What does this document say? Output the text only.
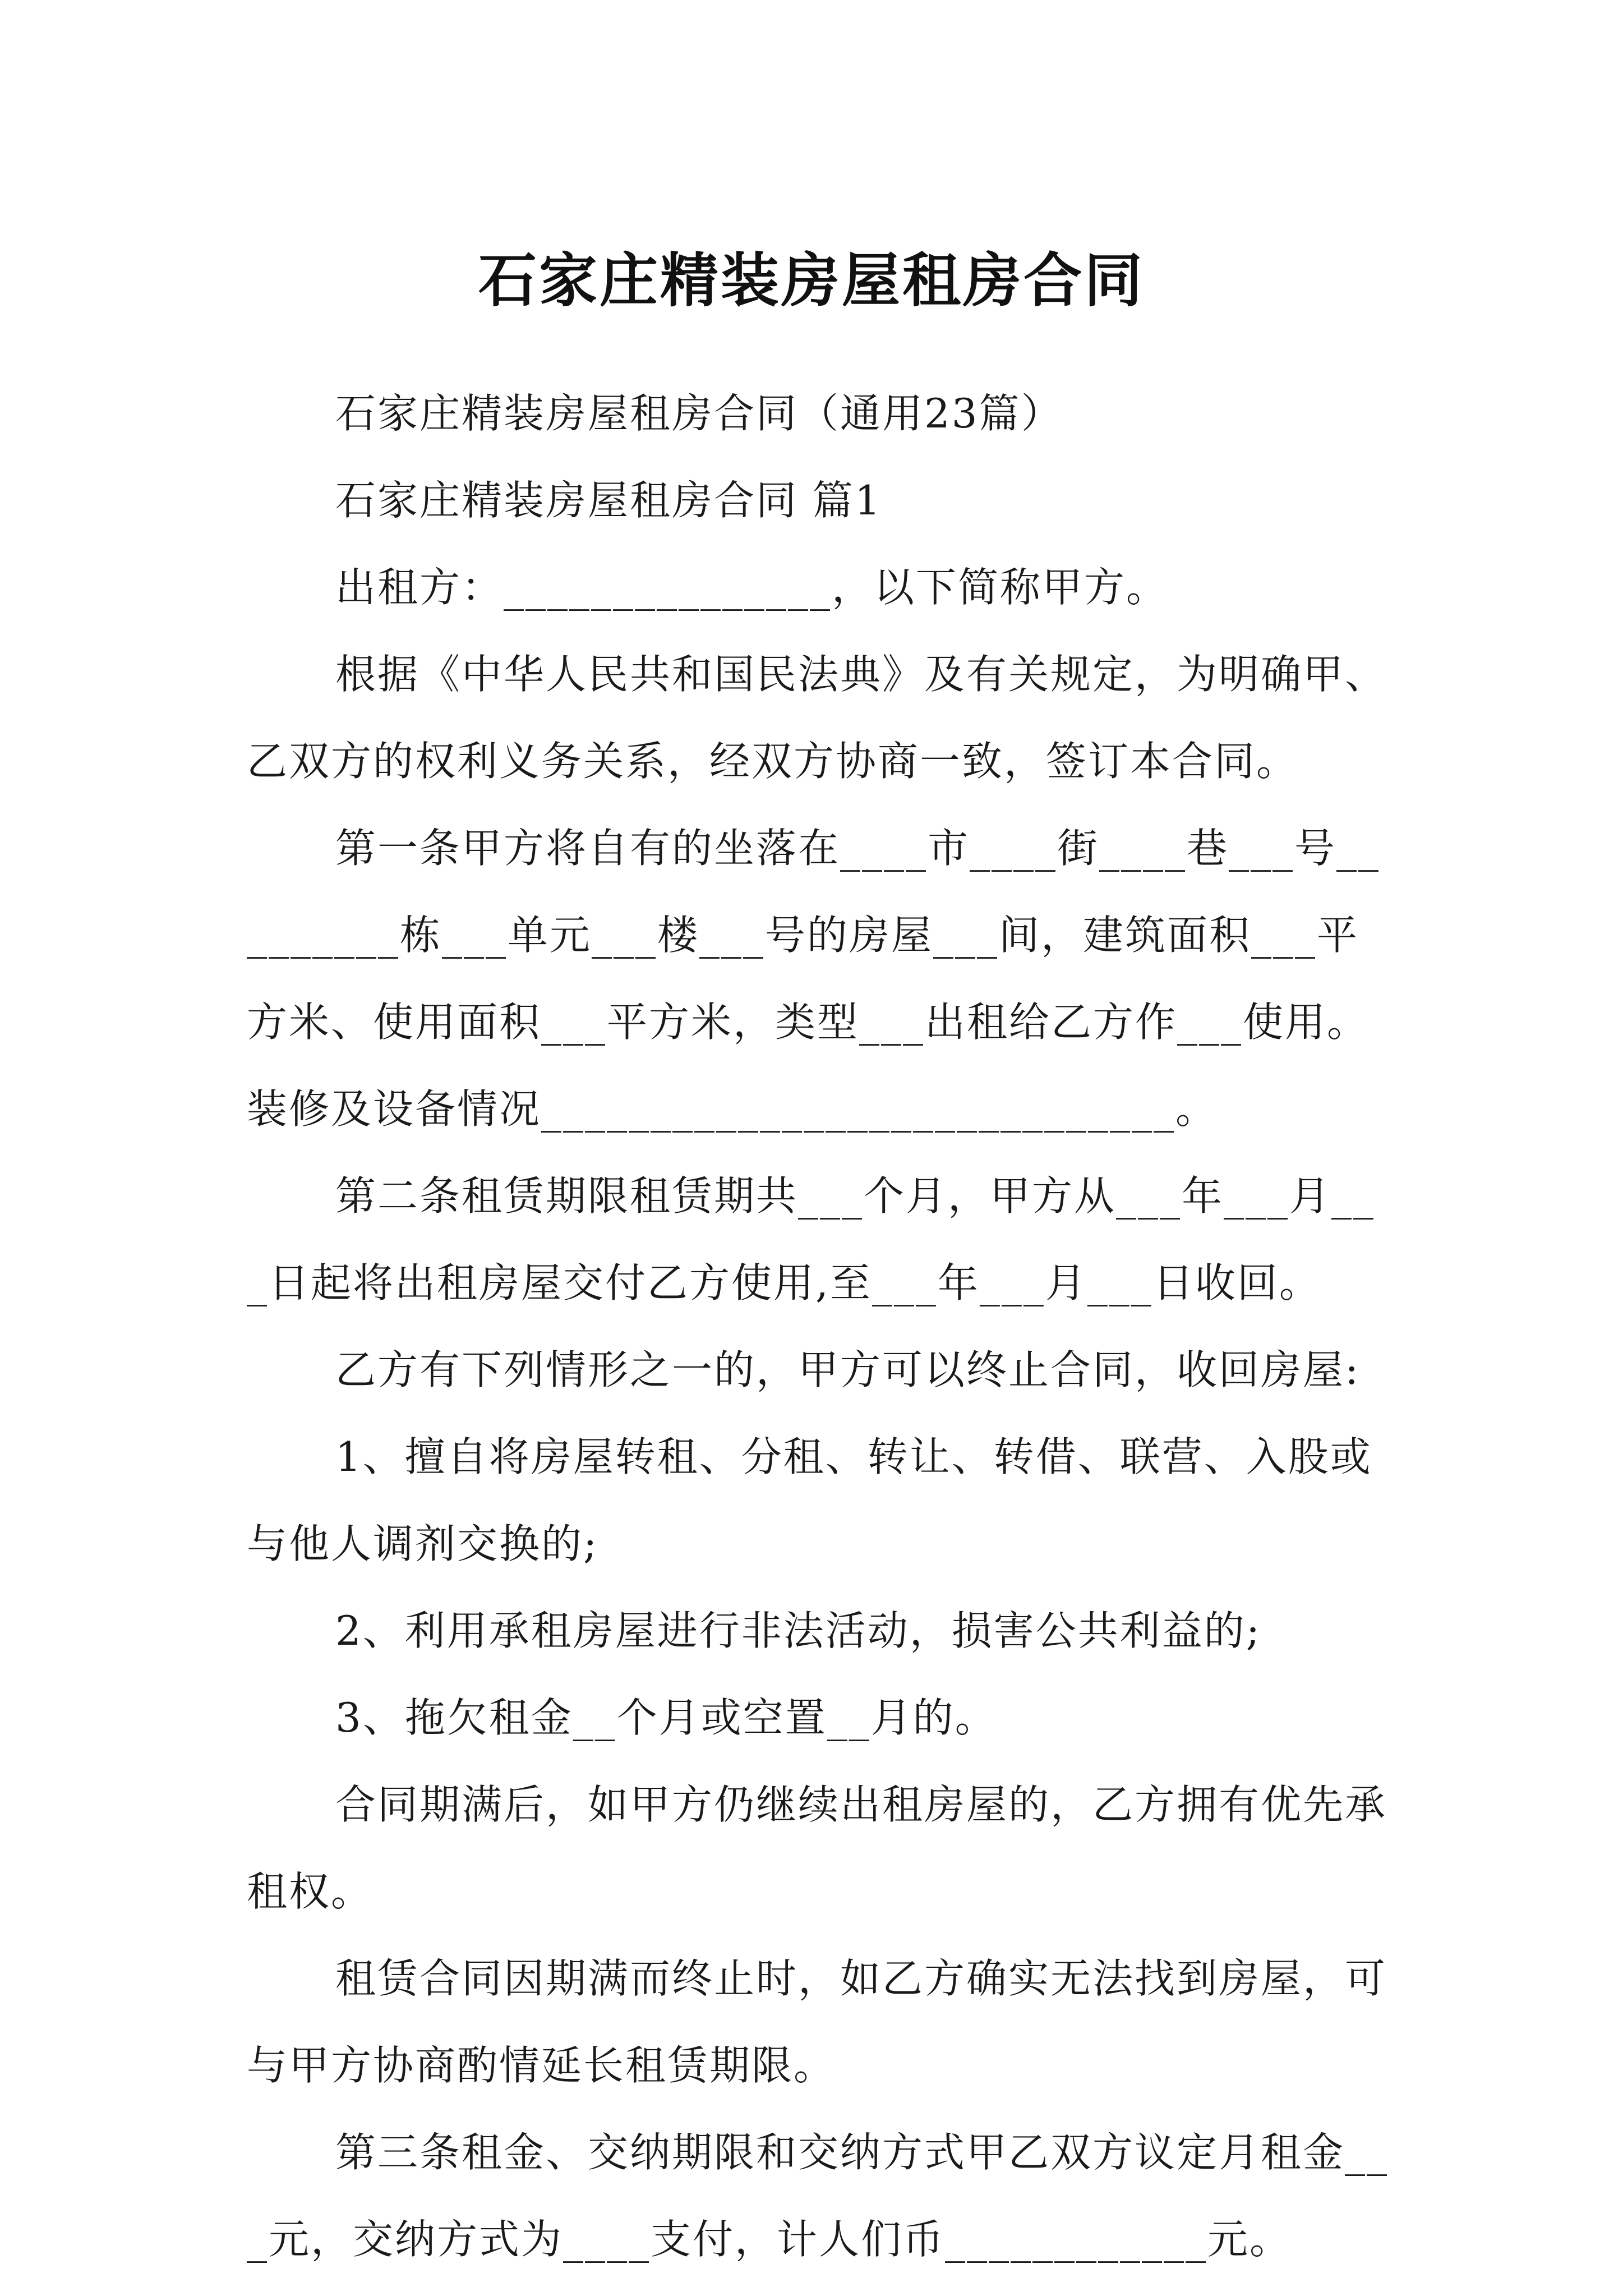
石家庄精装房屋租房合同

石家庄精装房屋租房合同（通用23篇）

石家庄精装房屋租房合同 篇1

出租方：_______________，以下简称甲方。

根据《中华人民共和国民法典》及有关规定，为明确甲、乙双方的权利义务关系，经双方协商一致，签订本合同。

第一条甲方将自有的坐落在____市____街____巷___号_________栋___单元___楼___号的房屋___间，建筑面积___平方米、使用面积___平方米，类型___出租给乙方作___使用。装修及设备情况_____________________________。

第二条租赁期限租赁期共___个月，甲方从___年___月___日起将出租房屋交付乙方使用,至___年___月___日收回。

乙方有下列情形之一的，甲方可以终止合同，收回房屋:

1、擅自将房屋转租、分租、转让、转借、联营、入股或与他人调剂交换的;

2、利用承租房屋进行非法活动，损害公共利益的;

3、拖欠租金__个月或空置__月的。

合同期满后，如甲方仍继续出租房屋的，乙方拥有优先承租权。

租赁合同因期满而终止时，如乙方确实无法找到房屋，可与甲方协商酌情延长租赁期限。

第三条租金、交纳期限和交纳方式甲乙双方议定月租金___元，交纳方式为____支付，计人们币____________元。
